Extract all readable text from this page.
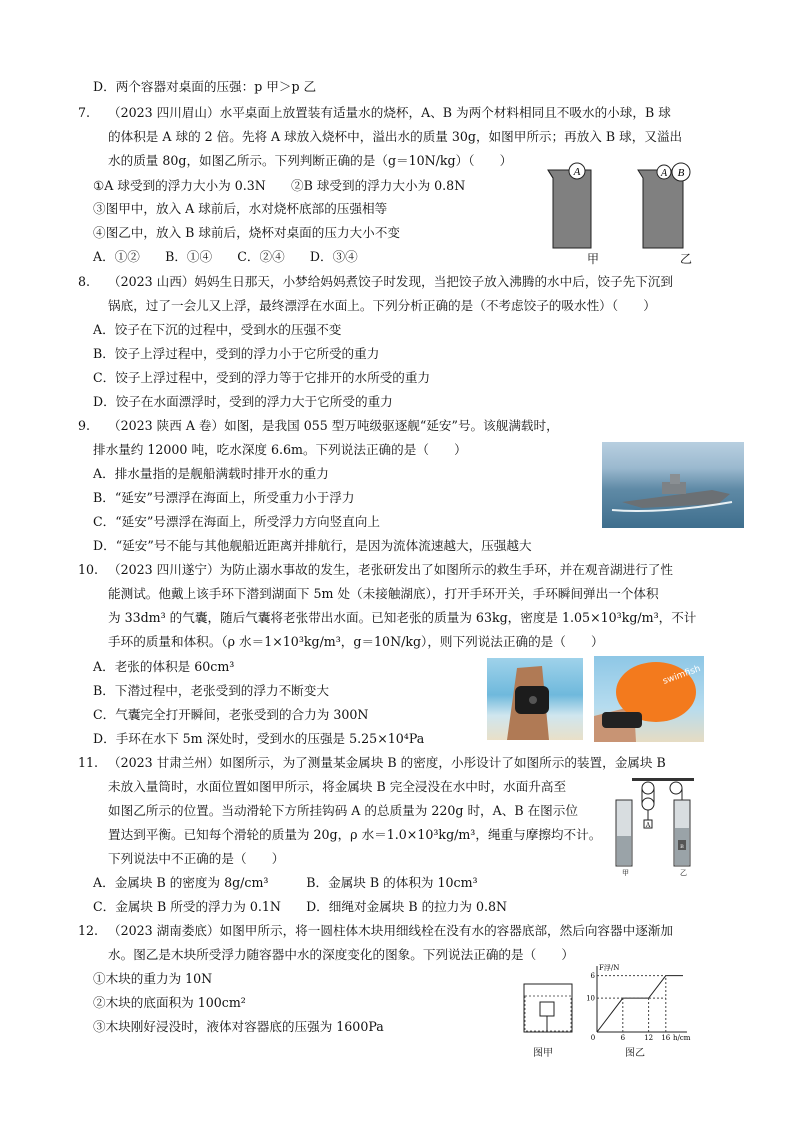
D．两个容器对桌面的压强：p 甲＞p 乙
（2023 四川眉山）水平桌面上放置装有适量水的烧杯，A、B 为两个材料相同且不吸水的小球，B 球
的体积是 A 球的 2 倍。先将 A 球放入烧杯中，溢出水的质量 30g，如图甲所示；再放入 B 球，又溢出
水的质量 80g，如图乙所示。下列判断正确的是（g＝10N/kg）（　　）
①A 球受到的浮力大小为 0.3N　　②B 球受到的浮力大小为 0.8N
③图甲中，放入 A 球前后，水对烧杯底部的压强相等
④图乙中，放入 B 球前后，烧杯对桌面的压力大小不变
A．①②　　B．①④　　C．②④　　D．③④
（2023 山西）妈妈生日那天，小梦给妈妈煮饺子时发现，当把饺子放入沸腾的水中后，饺子先下沉到
锅底，过了一会儿又上浮，最终漂浮在水面上。下列分析正确的是（不考虑饺子的吸水性）（　　）
A．饺子在下沉的过程中，受到水的压强不变
B．饺子上浮过程中，受到的浮力小于它所受的重力
C．饺子上浮过程中，受到的浮力等于它排开的水所受的重力
D．饺子在水面漂浮时，受到的浮力大于它所受的重力
（2023 陕西 A 卷）如图，是我国 055 型万吨级驱逐舰“延安”号。该舰满载时，
排水量约 12000 吨，吃水深度 6.6m。下列说法正确的是（　　）
A．排水量指的是舰船满载时排开水的重力
B．“延安”号漂浮在海面上，所受重力小于浮力
C．“延安”号漂浮在海面上，所受浮力方向竖直向上
D．“延安”号不能与其他舰船近距离并排航行，是因为流体流速越大，压强越大
（2023 四川遂宁）为防止溺水事故的发生，老张研发出了如图所示的救生手环，并在观音湖进行了性
能测试。他戴上该手环下潜到湖面下 5m 处（未接触湖底），打开手环开关，手环瞬间弹出一个体积
为 33dm³ 的气囊，随后气囊将老张带出水面。已知老张的质量为 63kg，密度是 1.05×10³kg/m³，不计
手环的质量和体积。（ρ 水＝1×10³kg/m³，g＝10N/kg），则下列说法正确的是（　　）
A．老张的体积是 60cm³
B．下潜过程中，老张受到的浮力不断变大
C．气囊完全打开瞬间，老张受到的合力为 300N
D．手环在水下 5m 深处时，受到水的压强是 5.25×10⁴Pa
（2023 甘肃兰州）如图所示，为了测量某金属块 B 的密度，小彤设计了如图所示的装置，金属块 B
未放入量筒时，水面位置如图甲所示，将金属块 B 完全浸没在水中时，水面升高至
如图乙所示的位置。当动滑轮下方所挂钩码 A 的总质量为 220g 时，A、B 在图示位
置达到平衡。已知每个滑轮的质量为 20g，ρ 水＝1.0×10³kg/m³，绳重与摩擦均不计。
下列说法中不正确的是（　　）
A．金属块 B 的密度为 8g/cm³　　　B．金属块 B 的体积为 10cm³
C．金属块 B 所受的浮力为 0.1N　　D．细绳对金属块 B 的拉力为 0.8N
（2023 湖南娄底）如图甲所示，将一圆柱体木块用细线栓在没有水的容器底部，然后向容器中逐渐加
水。图乙是木块所受浮力随容器中水的深度变化的图象。下列说法正确的是（　　）
①木块的重力为 10N
②木块的底面积为 100cm²
③木块刚好浸没时，液体对容器底的压强为 1600Pa
7.
8.
9.
10.
11.
12.
A	A B
甲	乙
swimfish
A
B
甲	乙
图甲
F浮/N
h/cm
10
6
0	6	12 16
图乙
